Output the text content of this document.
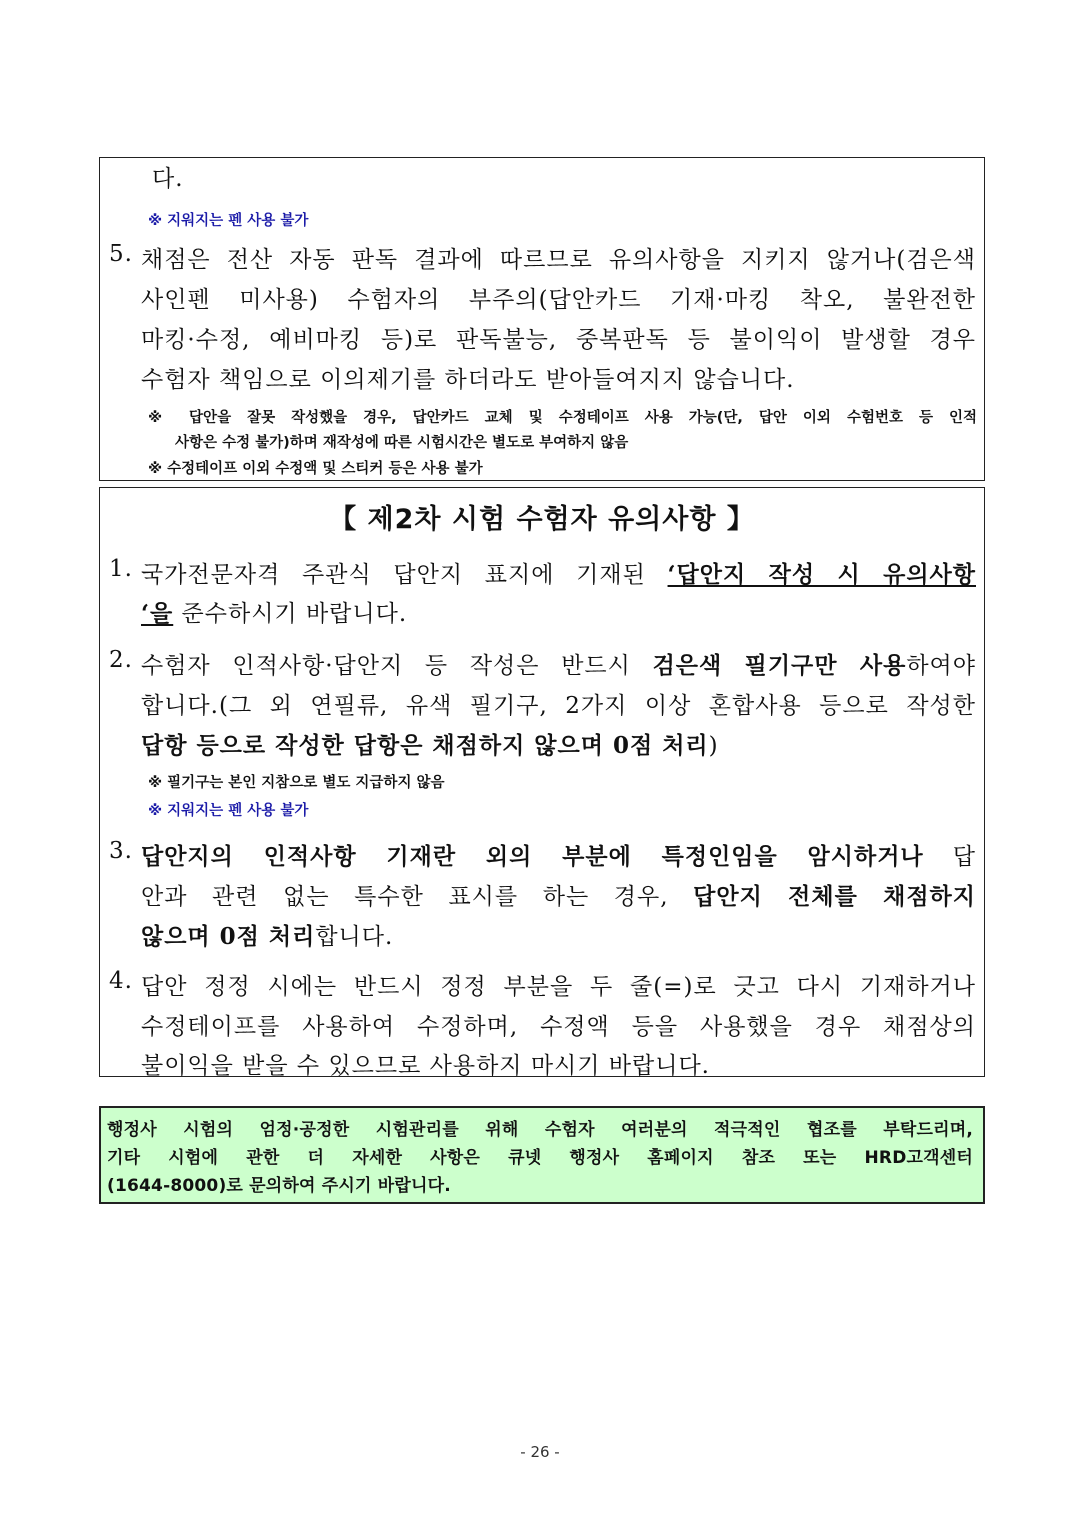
다.
※ 지워지는 펜 사용 불가
5. 채점은 전산 자동 판독 결과에 따르므로 유의사항을 지키지 않거나(검은색
사인펜 미사용) 수험자의 부주의(답안카드 기재·마킹 착오, 불완전한
마킹·수정, 예비마킹 등)로 판독불능, 중복판독 등 불이익이 발생할 경우
수험자 책임으로 이의제기를 하더라도 받아들여지지 않습니다.
※ 답안을 잘못 작성했을 경우, 답안카드 교체 및 수정테이프 사용 가능(단, 답안 이외 수험번호 등 인적
사항은 수정 불가)하며 재작성에 따른 시험시간은 별도로 부여하지 않음
※ 수정테이프 이외 수정액 및 스티커 등은 사용 불가
【 제2차 시험 수험자 유의사항 】
1. 국가전문자격 주관식 답안지 표지에 기재된 ‘답안지 작성 시 유의사항
‘을 준수하시기 바랍니다.
2. 수험자 인적사항·답안지 등 작성은 반드시 검은색 필기구만 사용하여야
합니다.(그 외 연필류, 유색 필기구, 2가지 이상 혼합사용 등으로 작성한
답항 등으로 작성한 답항은 채점하지 않으며 0점 처리)
※ 필기구는 본인 지참으로 별도 지급하지 않음
※ 지워지는 펜 사용 불가
3. 답안지의 인적사항 기재란 외의 부분에 특정인임을 암시하거나 답
안과 관련 없는 특수한 표시를 하는 경우, 답안지 전체를 채점하지
않으며 0점 처리합니다.
4. 답안 정정 시에는 반드시 정정 부분을 두 줄(=)로 긋고 다시 기재하거나
수정테이프를 사용하여 수정하며, 수정액 등을 사용했을 경우 채점상의
불이익을 받을 수 있으므로 사용하지 마시기 바랍니다.
행정사 시험의 엄정·공정한 시험관리를 위해 수험자 여러분의 적극적인 협조를 부탁드리며,
기타 시험에 관한 더 자세한 사항은 큐넷 행정사 홈페이지 참조 또는 HRD고객센터
(1644-8000)로 문의하여 주시기 바랍니다.
- 26 -
